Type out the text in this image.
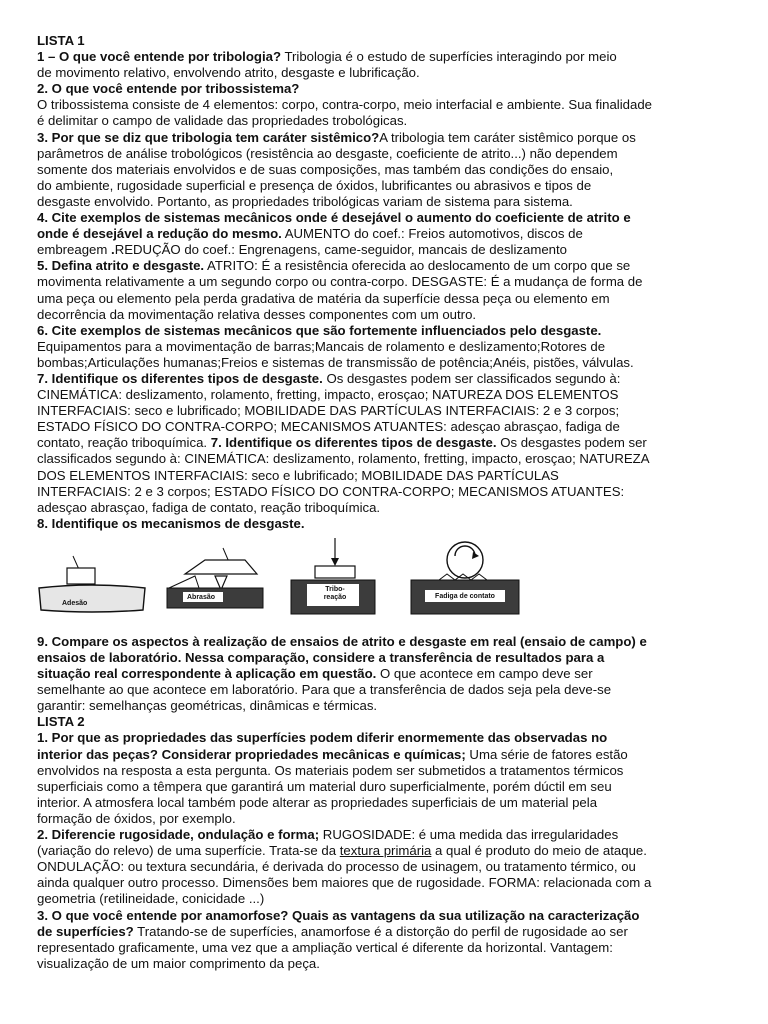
LISTA 1
1 – O que você entende por tribologia? Tribologia é o estudo de superfícies interagindo por meio
de movimento relativo, envolvendo atrito, desgaste e lubrificação.
2. O que você entende por tribossistema?
O tribossistema consiste de 4 elementos: corpo, contra-corpo, meio interfacial e ambiente. Sua finalidade
é delimitar o campo de validade das propriedades trobológicas.
3. Por que se diz que tribologia tem caráter sistêmico?A tribologia tem caráter sistêmico porque os
parâmetros de análise trobológicos (resistência ao desgaste, coeficiente de atrito...) não dependem
somente dos materiais envolvidos e de suas composições, mas também das condições do ensaio,
do ambiente, rugosidade superficial e presença de óxidos, lubrificantes ou abrasivos e tipos de
desgaste envolvido. Portanto, as propriedades tribológicas variam de sistema para sistema.
4. Cite exemplos de sistemas mecânicos onde é desejável o aumento do coeficiente de atrito e
onde é desejável a redução do mesmo. AUMENTO do coef.: Freios automotivos, discos de
embreagem .REDUÇÃO do coef.: Engrenagens, came-seguidor, mancais de deslizamento
5. Defina atrito e desgaste. ATRITO: É a resistência oferecida ao deslocamento de um corpo que se
movimenta relativamente a um segundo corpo ou contra-corpo. DESGASTE: É a mudança de forma de
uma peça ou elemento pela perda gradativa de matéria da superfície dessa peça ou elemento em
decorrência da movimentação relativa desses componentes com um outro.
6. Cite exemplos de sistemas mecânicos que são fortemente influenciados pelo desgaste.
Equipamentos para a movimentação de barras;Mancais de rolamento e deslizamento;Rotores de
bombas;Articulações humanas;Freios e sistemas de transmissão de potência;Anéis, pistões, válvulas.
7. Identifique os diferentes tipos de desgaste. Os desgastes podem ser classificados segundo à:
CINEMÁTICA: deslizamento, rolamento, fretting, impacto, erosçao; NATUREZA DOS ELEMENTOS
INTERFACIAIS: seco e lubrificado; MOBILIDADE DAS PARTÍCULAS INTERFACIAIS: 2 e 3 corpos;
ESTADO FÍSICO DO CONTRA-CORPO; MECANISMOS ATUANTES: adesçao abrasçao, fadiga de
contato, reação triboquímica. 7. Identifique os diferentes tipos de desgaste. Os desgastes podem ser
classificados segundo à: CINEMÁTICA: deslizamento, rolamento, fretting, impacto, erosçao; NATUREZA
DOS ELEMENTOS INTERFACIAIS: seco e lubrificado; MOBILIDADE DAS PARTÍCULAS
INTERFACIAIS: 2 e 3 corpos; ESTADO FÍSICO DO CONTRA-CORPO; MECANISMOS ATUANTES:
adesçao abrasçao, fadiga de contato, reação triboquímica.
8. Identifique os mecanismos de desgaste.
Adesão
Abrasão
Tribo-
reação	Fadiga de contato
9. Compare os aspectos à realização de ensaios de atrito e desgaste em real (ensaio de campo) e
ensaios de laboratório. Nessa comparação, considere a transferência de resultados para a
situação real correspondente à aplicação em questão. O que acontece em campo deve ser
semelhante ao que acontece em laboratório. Para que a transferência de dados seja pela deve-se
garantir: semelhanças geométricas, dinâmicas e térmicas.
LISTA 2
1. Por que as propriedades das superfícies podem diferir enormemente das observadas no
interior das peças? Considerar propriedades mecânicas e químicas; Uma série de fatores estão
envolvidos na resposta a esta pergunta. Os materiais podem ser submetidos a tratamentos térmicos
superficiais como a têmpera que garantirá um material duro superficialmente, porém dúctil em seu
interior. A atmosfera local também pode alterar as propriedades superficiais de um material pela
formação de óxidos, por exemplo.
2. Diferencie rugosidade, ondulação e forma; RUGOSIDADE: é uma medida das irregularidades
(variação do relevo) de uma superfície. Trata-se da textura primária a qual é produto do meio de ataque.
ONDULAÇÃO: ou textura secundária, é derivada do processo de usinagem, ou tratamento térmico, ou
ainda qualquer outro processo. Dimensões bem maiores que de rugosidade. FORMA: relacionada com a
geometria (retilineidade, conicidade ...)
3. O que você entende por anamorfose? Quais as vantagens da sua utilização na caracterização
de superfícies? Tratando-se de superfícies, anamorfose é a distorção do perfil de rugosidade ao ser
representado graficamente, uma vez que a ampliação vertical é diferente da horizontal. Vantagem:
visualização de um maior comprimento da peça.
